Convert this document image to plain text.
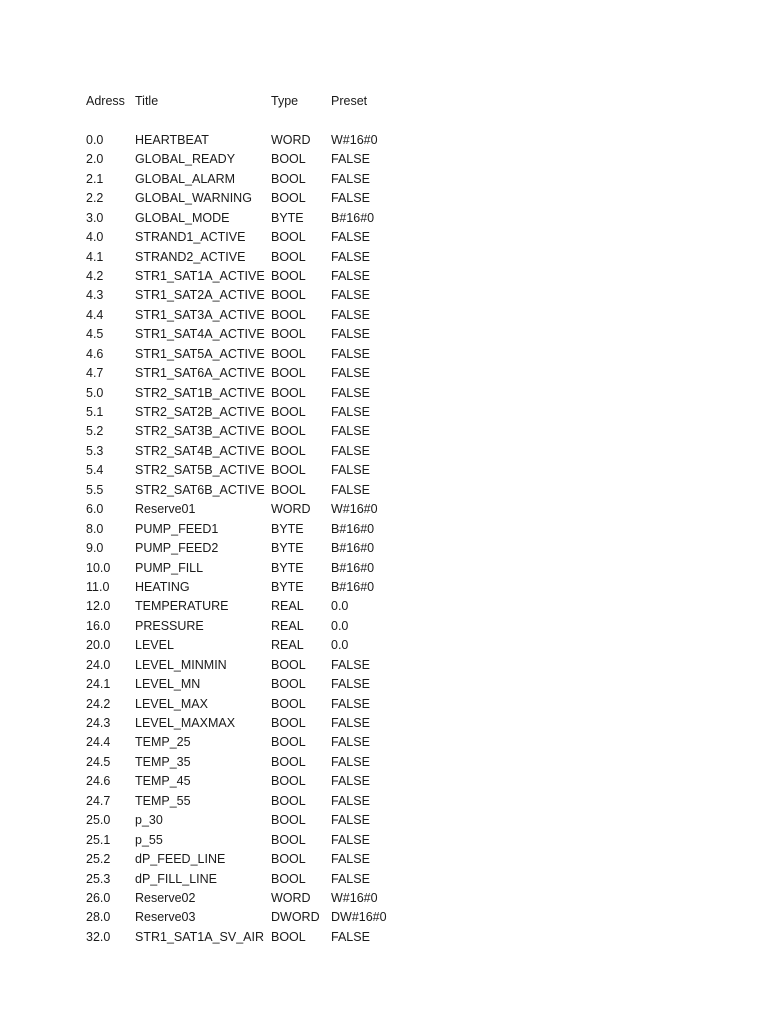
Adress Title	Type	Preset
0.0	HEARTBEAT	WORD	W#16#0
2.0	GLOBAL_READY	BOOL	FALSE
2.1	GLOBAL_ALARM	BOOL	FALSE
2.2	GLOBAL_WARNING	BOOL	FALSE
3.0	GLOBAL_MODE	BYTE	B#16#0
4.0	STRAND1_ACTIVE	BOOL	FALSE
4.1	STRAND2_ACTIVE	BOOL	FALSE
4.2	STR1_SAT1A_ACTIVE BOOL	FALSE
4.3	STR1_SAT2A_ACTIVE BOOL	FALSE
4.4	STR1_SAT3A_ACTIVE BOOL	FALSE
4.5	STR1_SAT4A_ACTIVE BOOL	FALSE
4.6	STR1_SAT5A_ACTIVE BOOL	FALSE
4.7	STR1_SAT6A_ACTIVE BOOL	FALSE
5.0	STR2_SAT1B_ACTIVE BOOL	FALSE
5.1	STR2_SAT2B_ACTIVE BOOL	FALSE
5.2	STR2_SAT3B_ACTIVE BOOL	FALSE
5.3	STR2_SAT4B_ACTIVE BOOL	FALSE
5.4	STR2_SAT5B_ACTIVE BOOL	FALSE
5.5	STR2_SAT6B_ACTIVE BOOL	FALSE
6.0	Reserve01	WORD	W#16#0
8.0	PUMP_FEED1	BYTE	B#16#0
9.0	PUMP_FEED2	BYTE	B#16#0
10.0	PUMP_FILL	BYTE	B#16#0
11.0	HEATING	BYTE	B#16#0
12.0	TEMPERATURE	REAL	0.0
16.0	PRESSURE	REAL	0.0
20.0	LEVEL	REAL	0.0
24.0	LEVEL_MINMIN	BOOL	FALSE
24.1	LEVEL_MN	BOOL	FALSE
24.2	LEVEL_MAX	BOOL	FALSE
24.3	LEVEL_MAXMAX	BOOL	FALSE
24.4	TEMP_25	BOOL	FALSE
24.5	TEMP_35	BOOL	FALSE
24.6	TEMP_45	BOOL	FALSE
24.7	TEMP_55	BOOL	FALSE
25.0	p_30	BOOL	FALSE
25.1	p_55	BOOL	FALSE
25.2	dP_FEED_LINE	BOOL	FALSE
25.3	dP_FILL_LINE	BOOL	FALSE
26.0	Reserve02	WORD	W#16#0
28.0	Reserve03	DWORD DW#16#0
32.0	STR1_SAT1A_SV_AIR BOOL	FALSE
